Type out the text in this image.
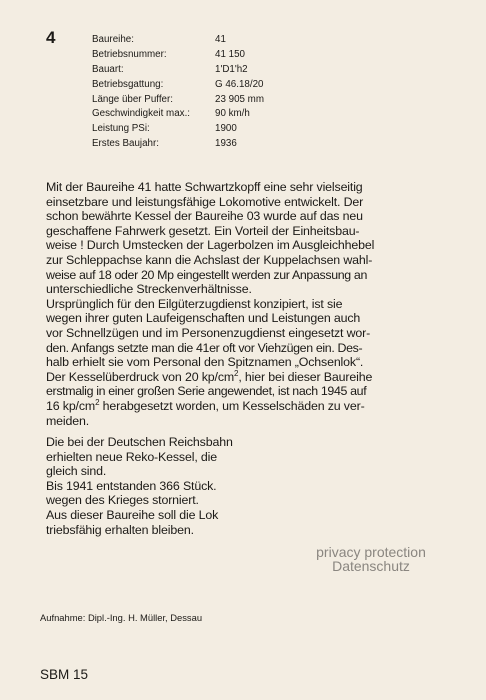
4	Baureihe:	41
Betriebsnummer:	41 150
Bauart:	1'D1'h2
Betriebsgattung:	G 46.18/20
Länge über Puffer:	23 905 mm
Geschwindigkeit max.:	90 km/h
Leistung PSi:	1900
Erstes Baujahr:	1936
Mit der Baureihe 41 hatte Schwartzkopff eine sehr vielseitig
einsetzbare und leistungsfähige Lokomotive entwickelt. Der
schon bewährte Kessel der Baureihe 03 wurde auf das neu
geschaffene Fahrwerk gesetzt. Ein Vorteil der Einheitsbau-
weise ! Durch Umstecken der Lagerbolzen im Ausgleichhebel
zur Schleppachse kann die Achslast der Kuppelachsen wahl-
weise auf 18 oder 20 Mp eingestellt werden zur Anpassung an
unterschiedliche Streckenverhältnisse.
Ursprünglich für den Eilgüterzugdienst konzipiert, ist sie
wegen ihrer guten Laufeigenschaften und Leistungen auch
vor Schnellzügen und im Personenzugdienst eingesetzt wor-
den. Anfangs setzte man die 41er oft vor Viehzügen ein. Des-
halb erhielt sie vom Personal den Spitznamen „Ochsenlok“.
Der Kesselüberdruck von 20 $kp/cm^2$, hier bei dieser Baureihe
erstmalig in einer großen Serie angewendet, ist nach 1945 auf
16 $kp/cm^2$ herabgesetzt worden, um Kesselschäden zu ver-
meiden.
Die bei der Deutschen Reichsbahn
erhielten neue Reko-Kessel, die
gleich sind.
Bis 1941 entstanden 366 Stück.
wegen des Krieges storniert.
Aus dieser Baureihe soll die Lok
triebsfähig erhalten bleiben.
privacy protection
Datenschutz
Aufnahme: Dipl.-Ing. H. Müller, Dessau
SBM 15
